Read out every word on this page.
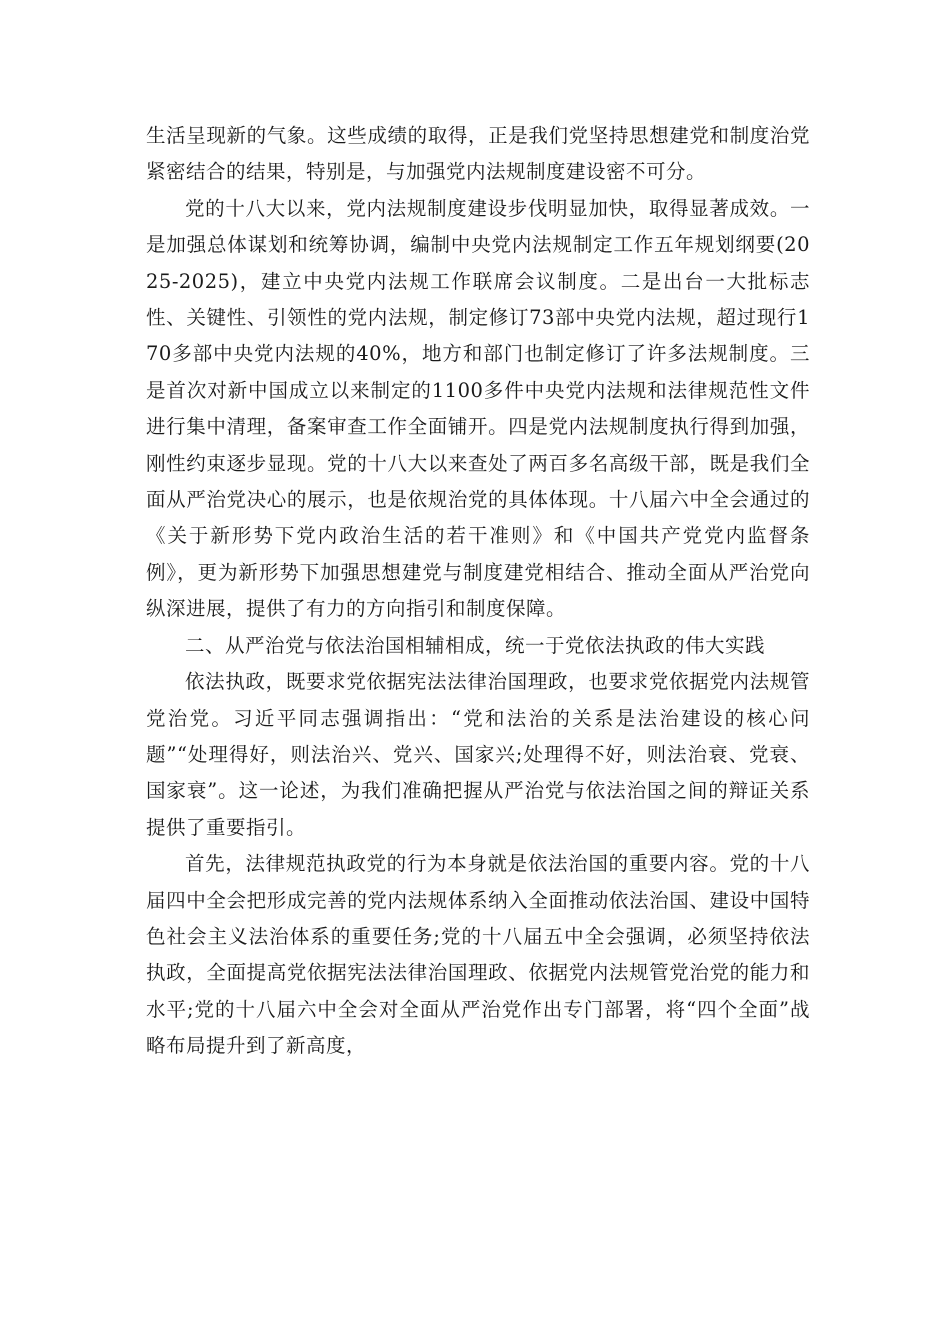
生活呈现新的气象。这些成绩的取得，正是我们党坚持思想建党和制度治党紧密结合的结果，特别是，与加强党内法规制度建设密不可分。

党的十八大以来，党内法规制度建设步伐明显加快，取得显著成效。一是加强总体谋划和统筹协调，编制中央党内法规制定工作五年规划纲要(2025-2025)，建立中央党内法规工作联席会议制度。二是出台一大批标志性、关键性、引领性的党内法规，制定修订73部中央党内法规，超过现行170多部中央党内法规的40%，地方和部门也制定修订了许多法规制度。三是首次对新中国成立以来制定的1100多件中央党内法规和法律规范性文件进行集中清理，备案审查工作全面铺开。四是党内法规制度执行得到加强，刚性约束逐步显现。党的十八大以来查处了两百多名高级干部，既是我们全面从严治党决心的展示，也是依规治党的具体体现。十八届六中全会通过的《关于新形势下党内政治生活的若干准则》和《中国共产党党内监督条例》，更为新形势下加强思想建党与制度建党相结合、推动全面从严治党向纵深进展，提供了有力的方向指引和制度保障。

二、从严治党与依法治国相辅相成，统一于党依法执政的伟大实践

依法执政，既要求党依据宪法法律治国理政，也要求党依据党内法规管党治党。习近平同志强调指出：“党和法治的关系是法治建设的核心问题”“处理得好，则法治兴、党兴、国家兴;处理得不好，则法治衰、党衰、国家衰”。这一论述，为我们准确把握从严治党与依法治国之间的辩证关系提供了重要指引。

首先，法律规范执政党的行为本身就是依法治国的重要内容。党的十八届四中全会把形成完善的党内法规体系纳入全面推动依法治国、建设中国特色社会主义法治体系的重要任务;党的十八届五中全会强调，必须坚持依法执政，全面提高党依据宪法法律治国理政、依据党内法规管党治党的能力和水平;党的十八届六中全会对全面从严治党作出专门部署，将“四个全面”战略布局提升到了新高度，
